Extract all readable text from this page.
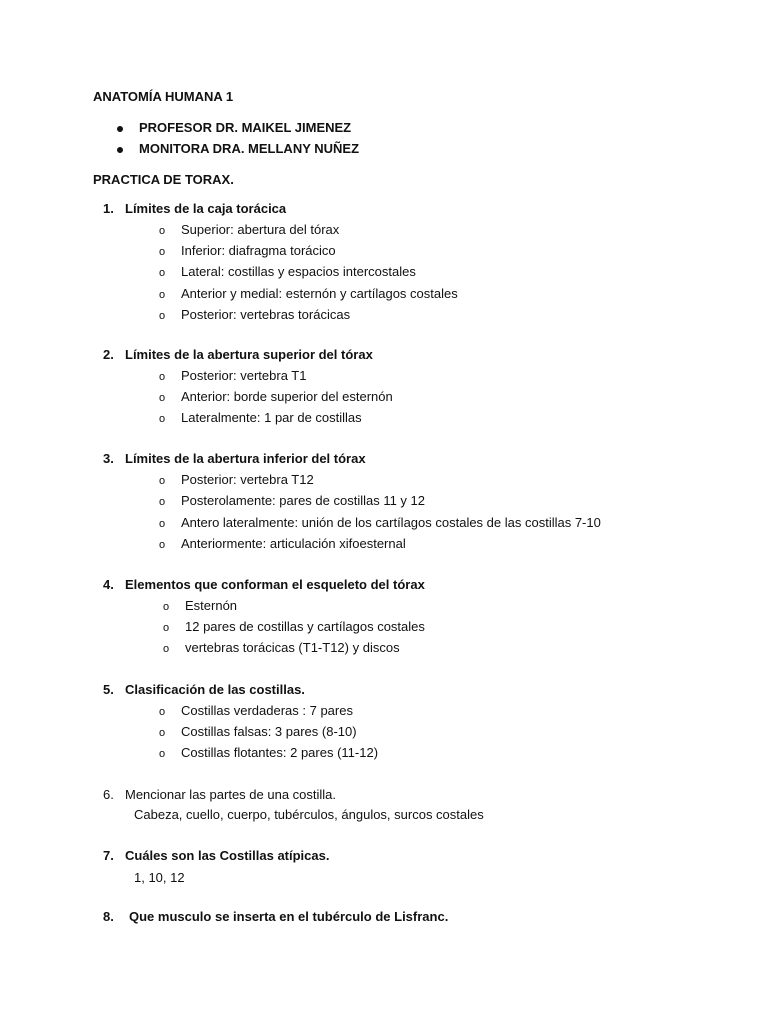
ANATOMÍA HUMANA 1
PROFESOR DR. MAIKEL JIMENEZ
MONITORA DRA. MELLANY NUÑEZ
PRACTICA DE TORAX.
1. Límites de la caja torácica
o Superior: abertura del tórax
o Inferior: diafragma torácico
o Lateral: costillas y espacios intercostales
o Anterior y medial: esternón y cartílagos costales
o Posterior: vertebras torácicas
2. Límites de la abertura superior del tórax
o Posterior: vertebra T1
o Anterior: borde superior del esternón
o Lateralmente: 1 par de costillas
3. Límites de la abertura inferior del tórax
o Posterior: vertebra T12
o Posterolamente: pares de costillas 11 y 12
o Antero lateralmente: unión de los cartílagos costales de las costillas 7-10
o Anteriormente: articulación xifoesternal
4. Elementos que conforman el esqueleto del tórax
o Esternón
o 12 pares de costillas y cartílagos costales
o vertebras torácicas (T1-T12) y discos
5. Clasificación de las costillas.
o Costillas verdaderas : 7 pares
o Costillas falsas: 3 pares (8-10)
o Costillas flotantes: 2 pares (11-12)
6. Mencionar las partes de una costilla.
Cabeza, cuello, cuerpo, tubérculos, ángulos, surcos costales
7. Cuáles son las Costillas atípicas.
1, 10, 12
8. Que musculo se inserta en el tubérculo de Lisfranc.
